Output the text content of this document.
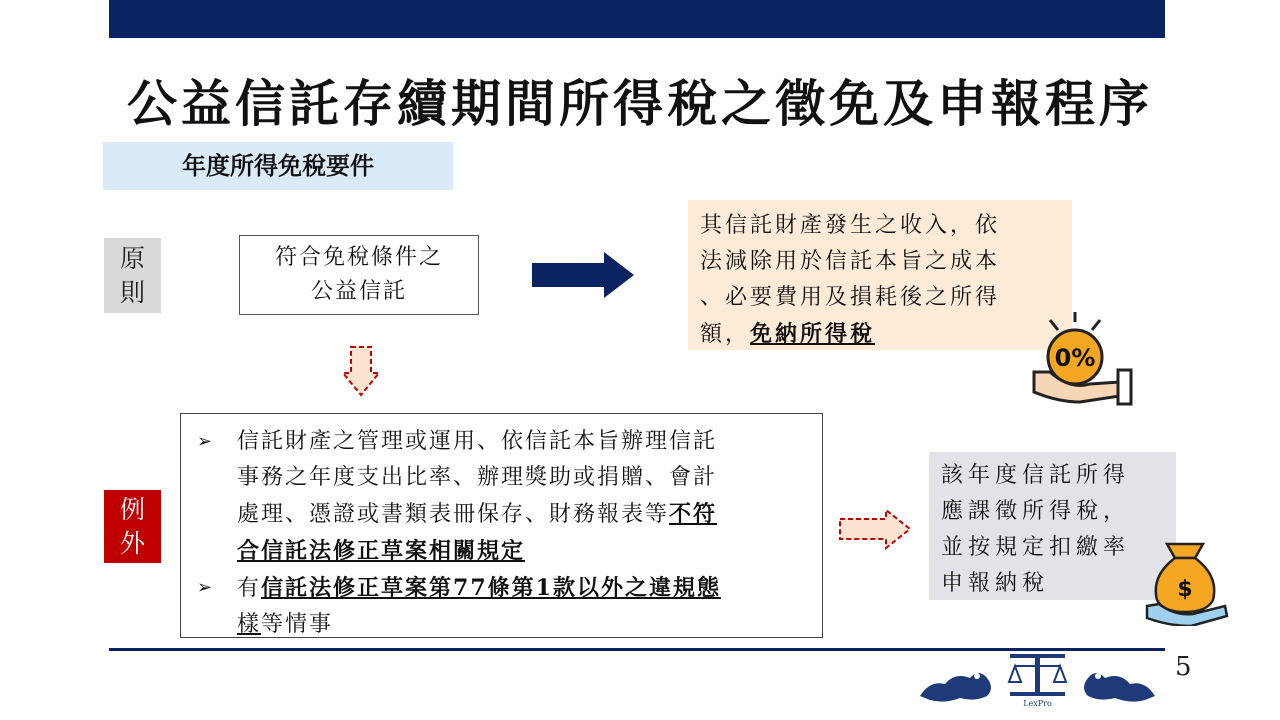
公益信託存續期間所得稅之徵免及申報程序
年度所得免稅要件
原
則
符合免稅條件之
公益信託
其信託財產發生之收入，依
法減除用於信託本旨之成本
、必要費用及損耗後之所得
額，免納所得稅
0%
例
外
➢	信託財產之管理或運用、依信託本旨辦理信託
事務之年度支出比率、辦理獎助或捐贈、會計
處理、憑證或書類表冊保存、財務報表等不符
合信託法修正草案相關規定
➢	有信託法修正草案第77條第1款以外之違規態
樣等情事
該年度信託所得
應課徵所得稅，
並按規定扣繳率
申報納稅	$
LexPro
5
